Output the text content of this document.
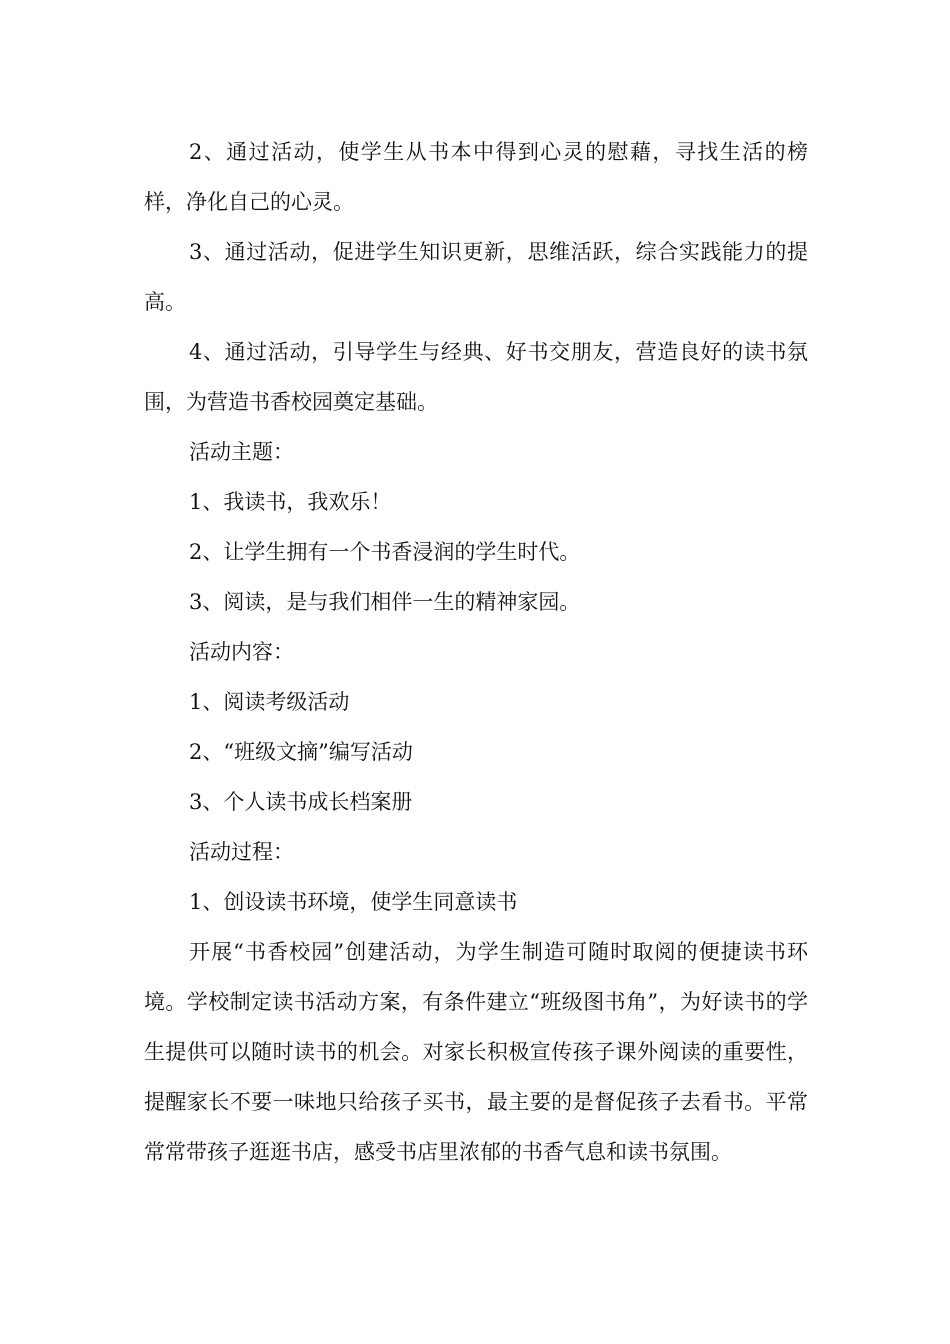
2、通过活动，使学生从书本中得到心灵的慰藉，寻找生活的榜样，净化自己的心灵。

3、通过活动，促进学生知识更新，思维活跃，综合实践能力的提高。

4、通过活动，引导学生与经典、好书交朋友，营造良好的读书氛围，为营造书香校园奠定基础。

活动主题：

1、我读书，我欢乐！

2、让学生拥有一个书香浸润的学生时代。

3、阅读，是与我们相伴一生的精神家园。

活动内容：

1、阅读考级活动

2、“班级文摘”编写活动

3、个人读书成长档案册

活动过程：

1、创设读书环境，使学生同意读书

开展“书香校园”创建活动，为学生制造可随时取阅的便捷读书环境。学校制定读书活动方案，有条件建立“班级图书角”，为好读书的学生提供可以随时读书的机会。对家长积极宣传孩子课外阅读的重要性，提醒家长不要一味地只给孩子买书，最主要的是督促孩子去看书。平常常常带孩子逛逛书店，感受书店里浓郁的书香气息和读书氛围。
